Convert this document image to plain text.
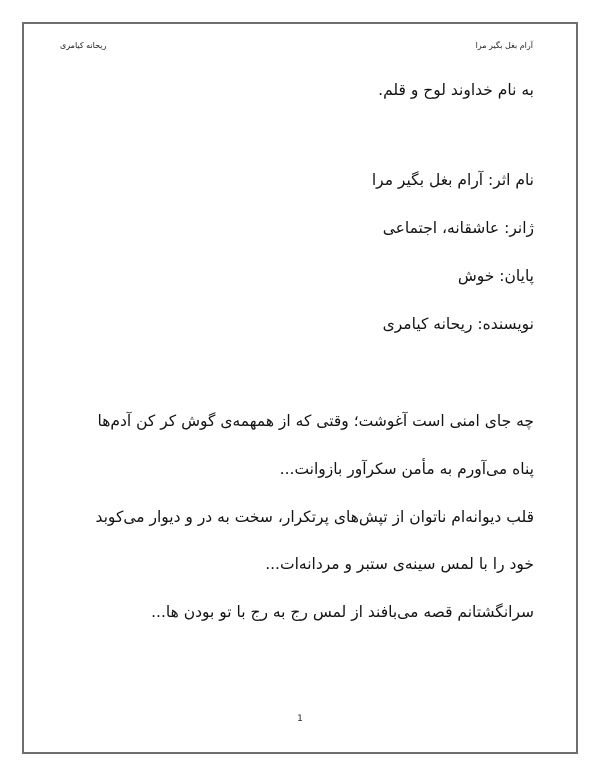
آرام بغل بگیر مرا
ریحانه کیامری
به نام خداوند لوح و قلم.
نام اثر: آرام بغل بگیر مرا
ژانر: عاشقانه، اجتماعی
پایان: خوش
نویسنده: ریحانه کیامری
چه جای امنی است آغوشت؛ وقتی که از همهمه‌ی گوش کر کن آدم‌ها
پناه می‌آورم به مأمن سکرآور بازوانت...
قلب دیوانه‌ام ناتوان از تپش‌های پرتکرار، سخت به در و دیوار می‌کوبد
خود را با لمس سینه‌ی ستبر و مردانه‌ات...
سرانگشتانم قصه می‌بافند از لمس رج به رج با تو بودن ها...
1
